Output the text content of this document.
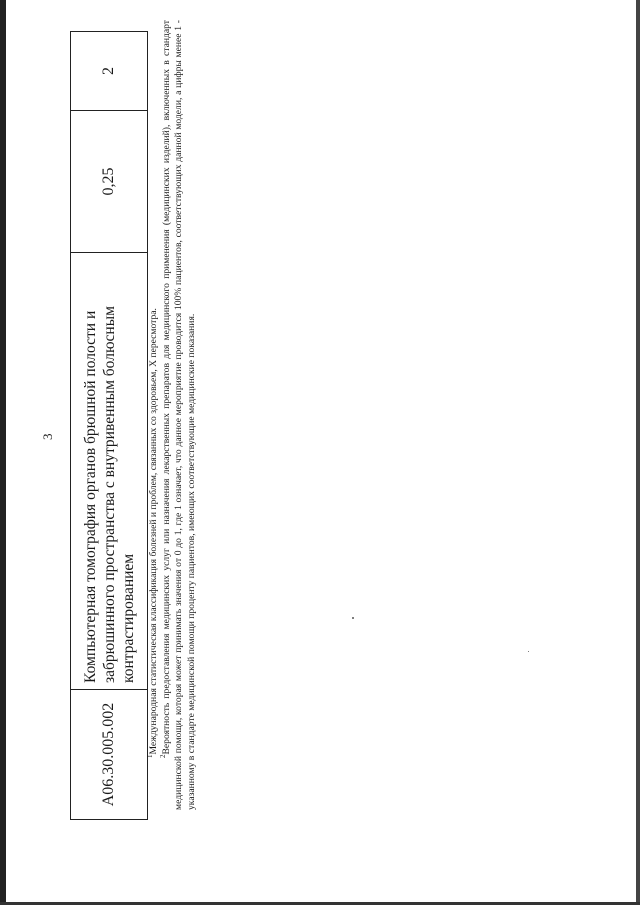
3
A06.30.005.002	Компьютерная томография органов брюшной полости и забрюшинного пространства с внутривенным болюсным контрастированием	0,25	2

$^1$Международная статистическая классификация болезней и проблем, связанных со здоровьем, X пересмотра.

$^2$Вероятность предоставления медицинских услуг или назначения лекарственных препаратов для медицинского применения (медицинских изделий), включенных в стандарт медицинской помощи, которая может принимать значения от 0 до 1, где 1 означает, что данное мероприятие проводится 100% пациентов, соответствующих данной модели, а цифры менее 1 - указанному в стандарте медицинской помощи проценту пациентов, имеющих соответствующие медицинские показания.
